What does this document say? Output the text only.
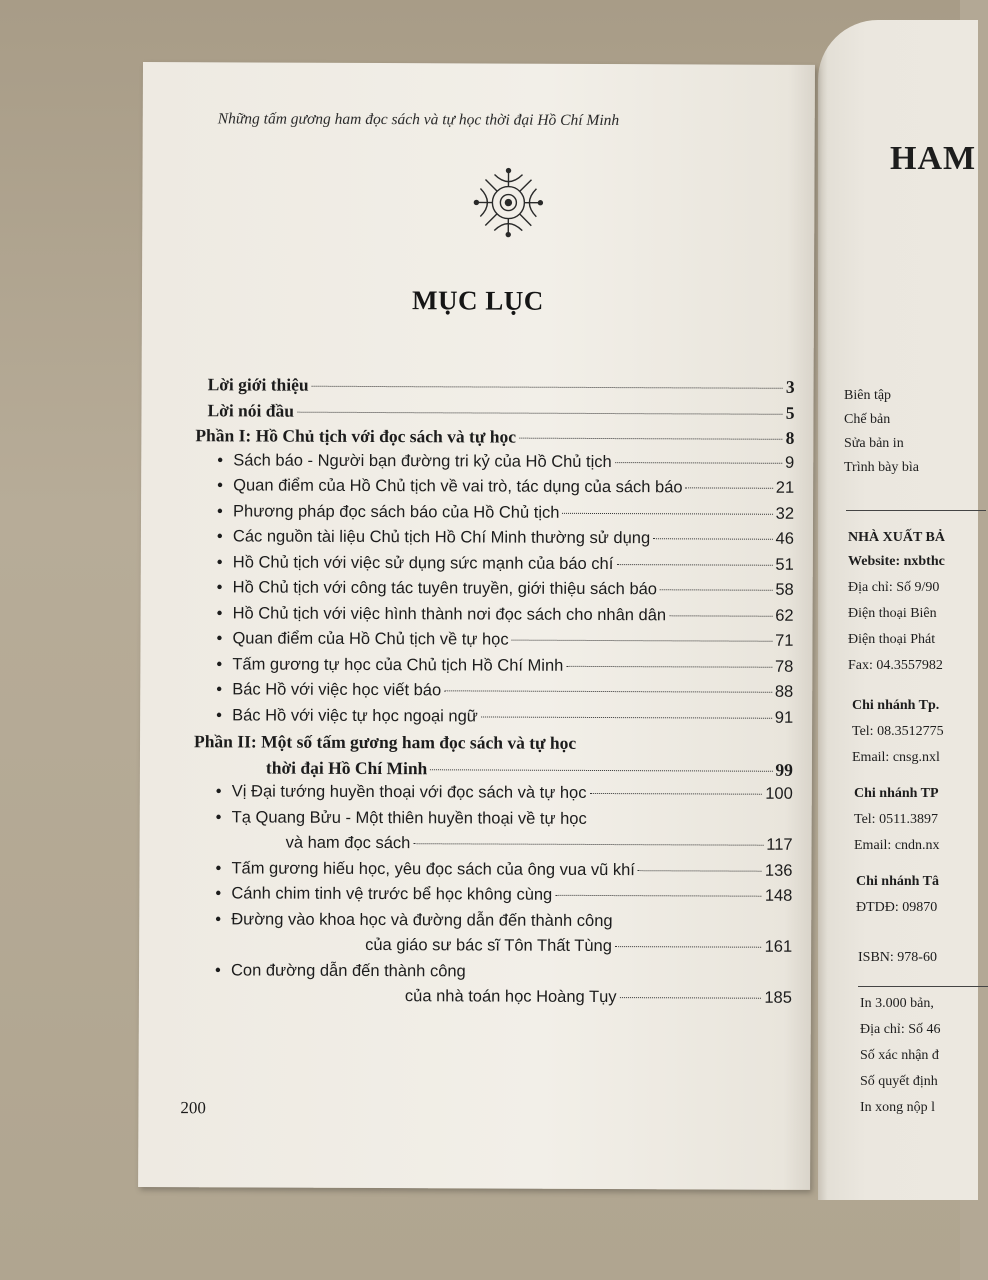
HAM
Biên tập
Chế bản
Sửa bản in
Trình bày bìa
NHÀ XUẤT BẢ
Website: nxbthc
Địa chỉ: Số 9/90
Điện thoại Biên
Điện thoại Phát
Fax: 04.3557982
Chi nhánh Tp.
Tel: 08.3512775
Email: cnsg.nxl
Chi nhánh TP
Tel: 0511.3897
Email: cndn.nx
Chi nhánh Tâ
ĐTDĐ: 09870
ISBN: 978-60
In 3.000 bản,
Địa chỉ: Số 46
Số xác nhận đ
Số quyết định
In xong nộp l
Những tấm gương ham đọc sách và tự học thời đại Hồ Chí Minh
MỤC LỤC
Lời giới thiệu	3
Lời nói đầu	5
Phần I: Hồ Chủ tịch với đọc sách và tự học	8
• Sách báo - Người bạn đường tri kỷ của Hồ Chủ tịch	9
• Quan điểm của Hồ Chủ tịch về vai trò, tác dụng của sách báo	21
• Phương pháp đọc sách báo của Hồ Chủ tịch	32
• Các nguồn tài liệu Chủ tịch Hồ Chí Minh thường sử dụng	46
• Hồ Chủ tịch với việc sử dụng sức mạnh của báo chí	51
• Hồ Chủ tịch với công tác tuyên truyền, giới thiệu sách báo	58
• Hồ Chủ tịch với việc hình thành nơi đọc sách cho nhân dân	62
• Quan điểm của Hồ Chủ tịch về tự học	71
• Tấm gương tự học của Chủ tịch Hồ Chí Minh	78
• Bác Hồ với việc học viết báo	88
• Bác Hồ với việc tự học ngoại ngữ	91
Phần II: Một số tấm gương ham đọc sách và tự học
thời đại Hồ Chí Minh	99
• Vị Đại tướng huyền thoại với đọc sách và tự học	100
• Tạ Quang Bửu - Một thiên huyền thoại về tự học
và ham đọc sách	117
• Tấm gương hiếu học, yêu đọc sách của ông vua vũ khí	136
• Cánh chim tinh vệ trước bể học không cùng	148
• Đường vào khoa học và đường dẫn đến thành công
của giáo sư bác sĩ Tôn Thất Tùng	161
• Con đường dẫn đến thành công
của nhà toán học Hoàng Tụy	185
200
